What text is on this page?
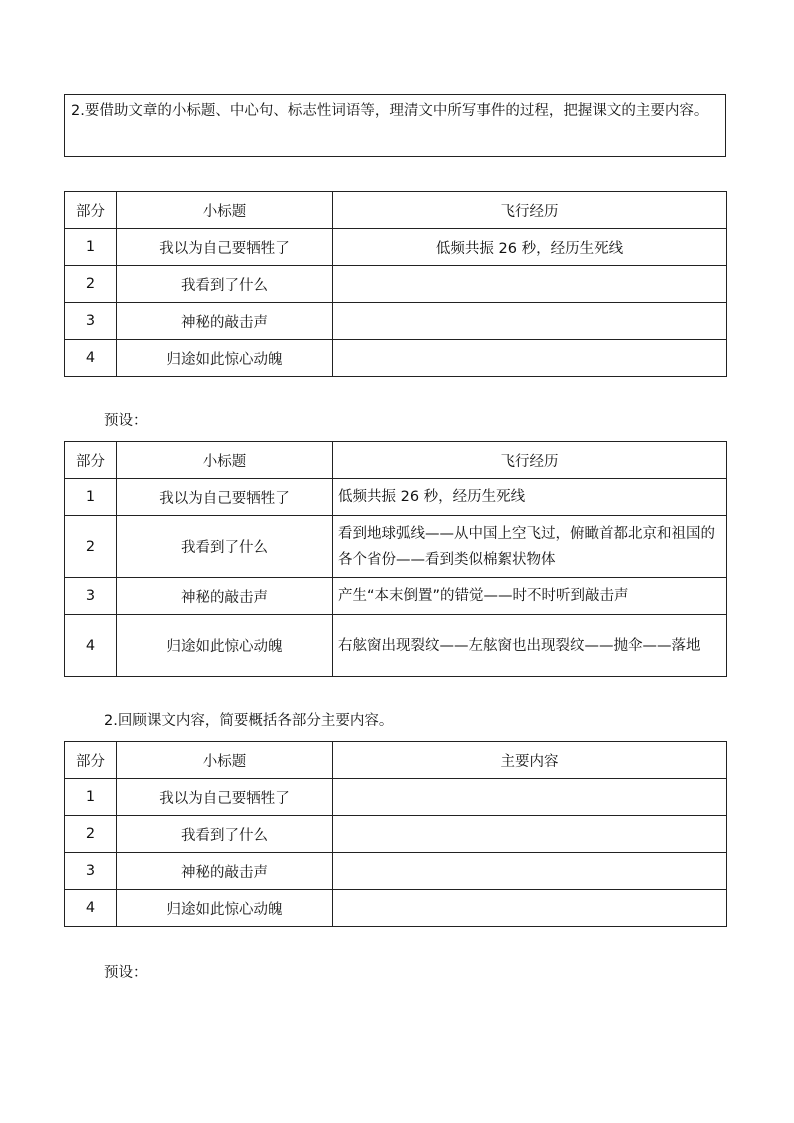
2.要借助文章的小标题、中心句、标志性词语等，理清文中所写事件的过程，把握课文的主要内容。
部分	小标题	飞行经历
1	我以为自己要牺牲了	低频共振 26 秒，经历生死线
2	我看到了什么	
3	神秘的敲击声	
4	归途如此惊心动魄	
预设：
部分	小标题	飞行经历
1	我以为自己要牺牲了	低频共振 26 秒，经历生死线
2	我看到了什么	看到地球弧线——从中国上空飞过，俯瞰首都北京和祖国的各个省份——看到类似棉絮状物体
3	神秘的敲击声	产生“本末倒置”的错觉——时不时听到敲击声
4	归途如此惊心动魄	右舷窗出现裂纹——左舷窗也出现裂纹——抛伞——落地
2.回顾课文内容，简要概括各部分主要内容。
部分	小标题	主要内容
1	我以为自己要牺牲了	
2	我看到了什么	
3	神秘的敲击声	
4	归途如此惊心动魄	
预设：
